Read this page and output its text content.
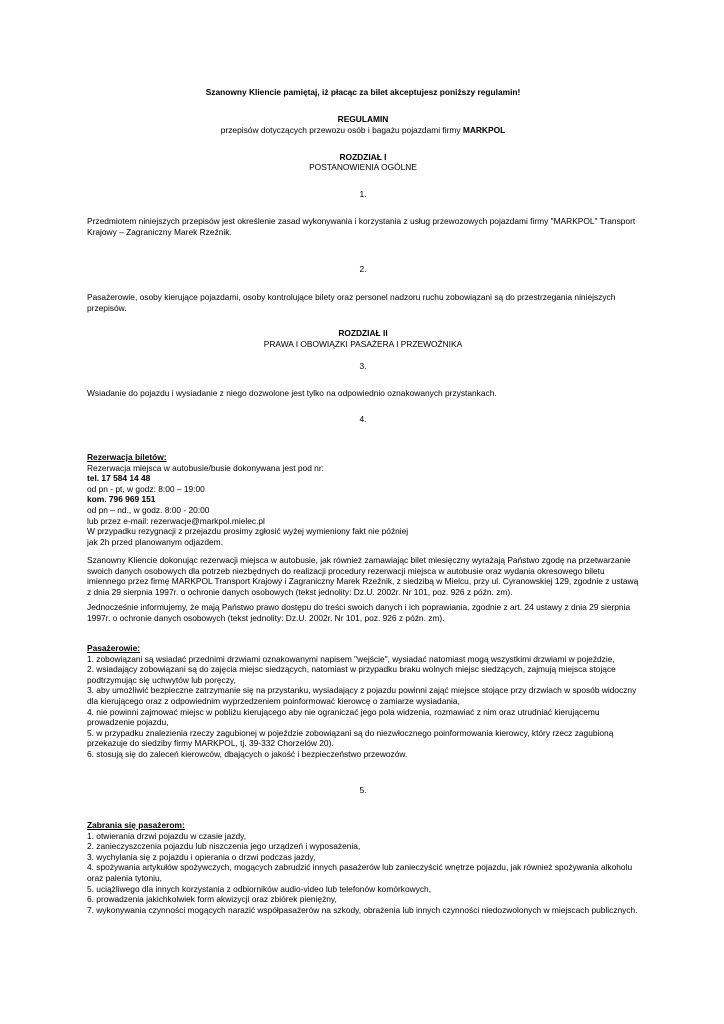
Szanowny Kliencie pamiętaj, iż płacąc za bilet akceptujesz poniższy regulamin!

REGULAMIN

przepisów dotyczących przewozu osób i bagażu pojazdami firmy MARKPOL

ROZDZIAŁ I

POSTANOWIENIA OGÓLNE

1.

Przedmiotem niniejszych przepisów jest określenie zasad wykonywania i korzystania z usług przewozowych pojazdami firmy "MARKPOL" Transport Krajowy – Zagraniczny Marek Rzeźnik.

2.

Pasażerowie, osoby kierujące pojazdami, osoby kontrolujące bilety oraz personel nadzoru ruchu zobowiązani są do przestrzegania niniejszych przepisów.

ROZDZIAŁ II

PRAWA I OBOWIĄZKI PASAŻERA I PRZEWOŹNIKA

3.

Wsiadanie do pojazdu i wysiadanie z niego dozwolone jest tylko na odpowiednio oznakowanych przystankach.

4.

Rezerwacja biletów:

Rezerwacja miejsca w autobusie/busie dokonywana jest pod nr:

tel. 17 584 14 48

od pn - pt, w godz: 8:00 – 19:00

kom. 796 969 151

od pn – nd., w godz. 8:00 - 20:00

lub przez e-mail: rezerwacje@markpol.mielec.pl

W przypadku rezygnacji z przejazdu prosimy zgłosić wyżej wymieniony fakt nie później

jak 2h przed planowanym odjazdem.

Szanowny Kliencie dokonując rezerwacji miejsca w autobusie, jak również zamawiając bilet miesięczny wyrażają Państwo zgodę na przetwarzanie swoich danych osobowych dla potrzeb niezbędnych do realizacji procedury rezerwacji miejsca w autobusie oraz wydania okresowego biletu imiennego przez firmę MARKPOL Transport Krajowy i Zagraniczny Marek Rzeźnik, z siedzibą w Mielcu, przy ul. Cyranowskiej 129, zgodnie z ustawą z dnia 29 sierpnia 1997r. o ochronie danych osobowych (tekst jednolity: Dz.U. 2002r. Nr 101, poz. 926 z późn. zm).

Jednocześnie informujemy, że mają Państwo prawo dostępu do treści swoich danych i ich poprawiania, zgodnie z art. 24 ustawy z dnia 29 sierpnia 1997r. o ochronie danych osobowych (tekst jednolity: Dz.U. 2002r. Nr 101, poz. 926 z późn. zm).

Pasażerowie:

1. zobowiązani są wsiadać przednimi drzwiami oznakowanymi napisem "wejście", wysiadać natomiast mogą wszystkimi drzwiami w pojeździe,

2. wsiadający zobowiązani są do zajęcia miejsc siedzących, natomiast w przypadku braku wolnych miejsc siedzących, zajmują miejsca stojące podtrzymując się uchwytów lub poręczy,

3. aby umożliwić bezpieczne zatrzymanie się na przystanku, wysiadający z pojazdu powinni zająć miejsce stojące przy drzwiach w sposób widoczny dla kierującego oraz z odpowiednim wyprzedzeniem poinformować kierowcę o zamiarze wysiadania,

4. nie powinni zajmować miejsc w pobliżu kierującego aby nie ograniczać jego pola widzenia, rozmawiać z nim oraz utrudniać kierującemu prowadzenie pojazdu,

5. w przypadku znalezienia rzeczy zagubionej w pojeździe zobowiązani są do niezwłocznego poinformowania kierowcy, który rzecz zagubioną przekazuje do siedziby firmy MARKPOL, tj. 39-332 Chorzelów 20).

6. stosują się do zaleceń kierowców, dbających o jakość i bezpieczeństwo przewozów.

5.

Zabrania się pasażerom:

1. otwierania drzwi pojazdu w czasie jazdy,

2. zanieczyszczenia pojazdu lub niszczenia jego urządzeń i wyposażenia,

3. wychylania się z pojazdu i opierania o drzwi podczas jazdy,

4. spożywania artykułów spożywczych, mogących zabrudzić innych pasażerów lub zanieczyścić wnętrze pojazdu, jak również spożywania alkoholu oraz palenia tytoniu,

5. uciążliwego dla innych korzystania z odbiorników audio-video lub telefonów komórkowych,

6. prowadzenia jakichkolwiek form akwizycji oraz zbiórek pieniężny,

7. wykonywania czynności mogących narazić współpasażerów na szkody, obrażenia lub innych czynności niedozwolonych w miejscach publicznych.
